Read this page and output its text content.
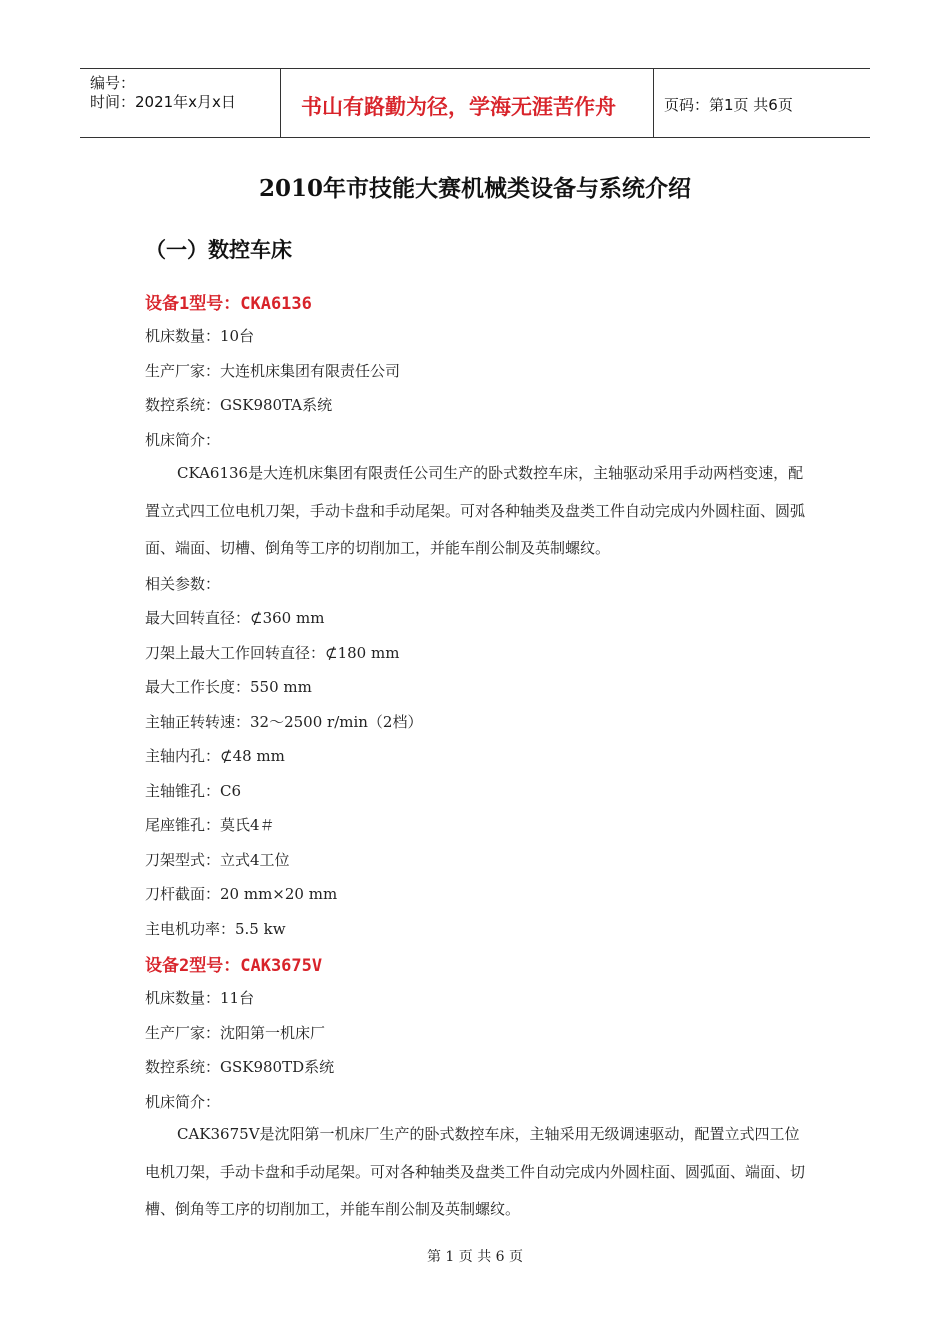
编号：
时间：2021年x月x日	书山有路勤为径，学海无涯苦作舟	页码：第1页 共6页
2010年市技能大赛机械类设备与系统介绍
（一）数控车床
设备1型号：CKA6136
机床数量：10台
生产厂家：大连机床集团有限责任公司
数控系统：GSK980TA系统
机床简介：
CKA6136是大连机床集团有限责任公司生产的卧式数控车床，主轴驱动采用手动两档变速，配置立式四工位电机刀架，手动卡盘和手动尾架。可对各种轴类及盘类工件自动完成内外圆柱面、圆弧面、端面、切槽、倒角等工序的切削加工，并能车削公制及英制螺纹。
相关参数：
最大回转直径：⊄360 mm
刀架上最大工作回转直径：⊄180 mm
最大工作长度：550 mm
主轴正转转速：32～2500 r/min（2档）
主轴内孔：⊄48 mm
主轴锥孔：C6
尾座锥孔：莫氏4＃
刀架型式：立式4工位
刀杆截面：20 mm×20 mm
主电机功率：5.5 kw
设备2型号：CAK3675V
机床数量：11台
生产厂家：沈阳第一机床厂
数控系统：GSK980TD系统
机床简介：
CAK3675V是沈阳第一机床厂生产的卧式数控车床，主轴采用无级调速驱动，配置立式四工位电机刀架，手动卡盘和手动尾架。可对各种轴类及盘类工件自动完成内外圆柱面、圆弧面、端面、切槽、倒角等工序的切削加工，并能车削公制及英制螺纹。
第 1 页 共 6 页
